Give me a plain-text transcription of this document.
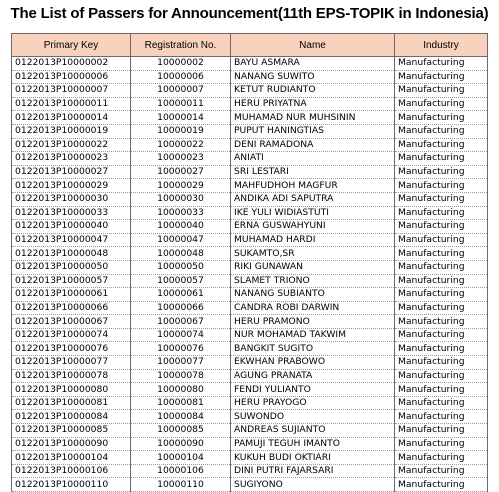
The List of Passers for Announcement(11th EPS-TOPIK in Indonesia)
Primary Key	Registration No.	Name	Industry
0122013P10000002	10000002	BAYU ASMARA	Manufacturing
0122013P10000006	10000006	NANANG SUWITO	Manufacturing
0122013P10000007	10000007	KETUT RUDIANTO	Manufacturing
0122013P10000011	10000011	HERU PRIYATNA	Manufacturing
0122013P10000014	10000014	MUHAMAD NUR MUHSININ	Manufacturing
0122013P10000019	10000019	PUPUT HANINGTIAS	Manufacturing
0122013P10000022	10000022	DENI RAMADONA	Manufacturing
0122013P10000023	10000023	ANIATI	Manufacturing
0122013P10000027	10000027	SRI LESTARI	Manufacturing
0122013P10000029	10000029	MAHFUDHOH MAGFUR	Manufacturing
0122013P10000030	10000030	ANDIKA ADI SAPUTRA	Manufacturing
0122013P10000033	10000033	IKE YULI WIDIASTUTI	Manufacturing
0122013P10000040	10000040	ERNA GUSWAHYUNI	Manufacturing
0122013P10000047	10000047	MUHAMAD HARDI	Manufacturing
0122013P10000048	10000048	SUKAMTO,SR	Manufacturing
0122013P10000050	10000050	RIKI GUNAWAN	Manufacturing
0122013P10000057	10000057	SLAMET TRIONO	Manufacturing
0122013P10000061	10000061	NANANG SUBIANTO	Manufacturing
0122013P10000066	10000066	CANDRA ROBI DARWIN	Manufacturing
0122013P10000067	10000067	HERU PRAMONO	Manufacturing
0122013P10000074	10000074	NUR MOHAMAD TAKWIM	Manufacturing
0122013P10000076	10000076	BANGKIT SUGITO	Manufacturing
0122013P10000077	10000077	EKWHAN PRABOWO	Manufacturing
0122013P10000078	10000078	AGUNG PRANATA	Manufacturing
0122013P10000080	10000080	FENDI YULIANTO	Manufacturing
0122013P10000081	10000081	HERU PRAYOGO	Manufacturing
0122013P10000084	10000084	SUWONDO	Manufacturing
0122013P10000085	10000085	ANDREAS SUJIANTO	Manufacturing
0122013P10000090	10000090	PAMUJI TEGUH IMANTO	Manufacturing
0122013P10000104	10000104	KUKUH BUDI OKTIARI	Manufacturing
0122013P10000106	10000106	DINI PUTRI FAJARSARI	Manufacturing
0122013P10000110	10000110	SUGIYONO	Manufacturing
